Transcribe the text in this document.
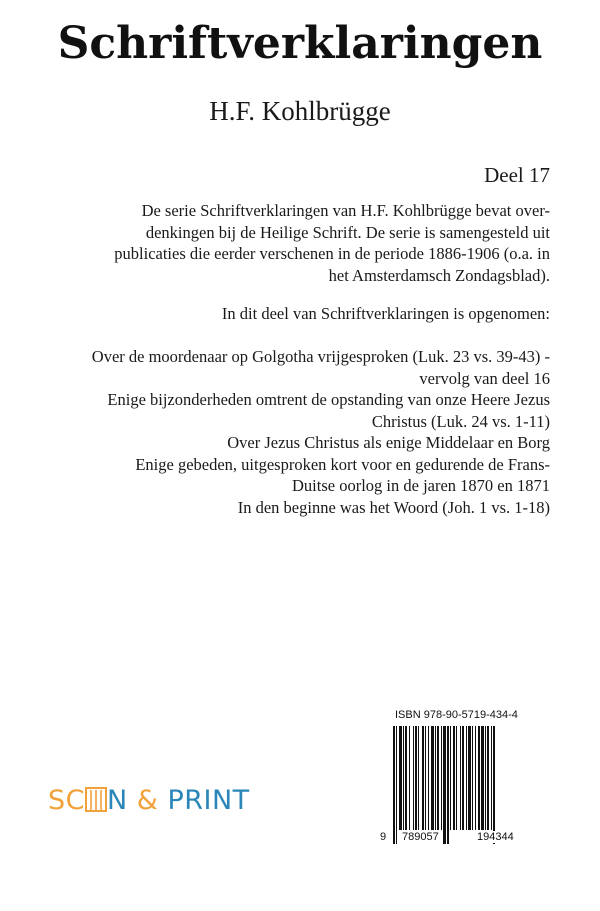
Schriftverklaringen
H.F. Kohlbrügge
Deel 17
De serie Schriftverklaringen van H.F. Kohlbrügge bevat over-
denkingen bij de Heilige Schrift. De serie is samengesteld uit
publicaties die eerder verschenen in de periode 1886-1906 (o.a. in
het Amsterdamsch Zondagsblad).
In dit deel van Schriftverklaringen is opgenomen:
Over de moordenaar op Golgotha vrijgesproken (Luk. 23 vs. 39-43) -
vervolg van deel 16
Enige bijzonderheden omtrent de opstanding van onze Heere Jezus
Christus (Luk. 24 vs. 1-11)
Over Jezus Christus als enige Middelaar en Borg
Enige gebeden, uitgesproken kort voor en gedurende de Frans-
Duitse oorlog in de jaren 1870 en 1871
In den beginne was het Woord (Joh. 1 vs. 1-18)
SC N & PRINT
ISBN 978-90-5719-434-4
9 789057	194344
